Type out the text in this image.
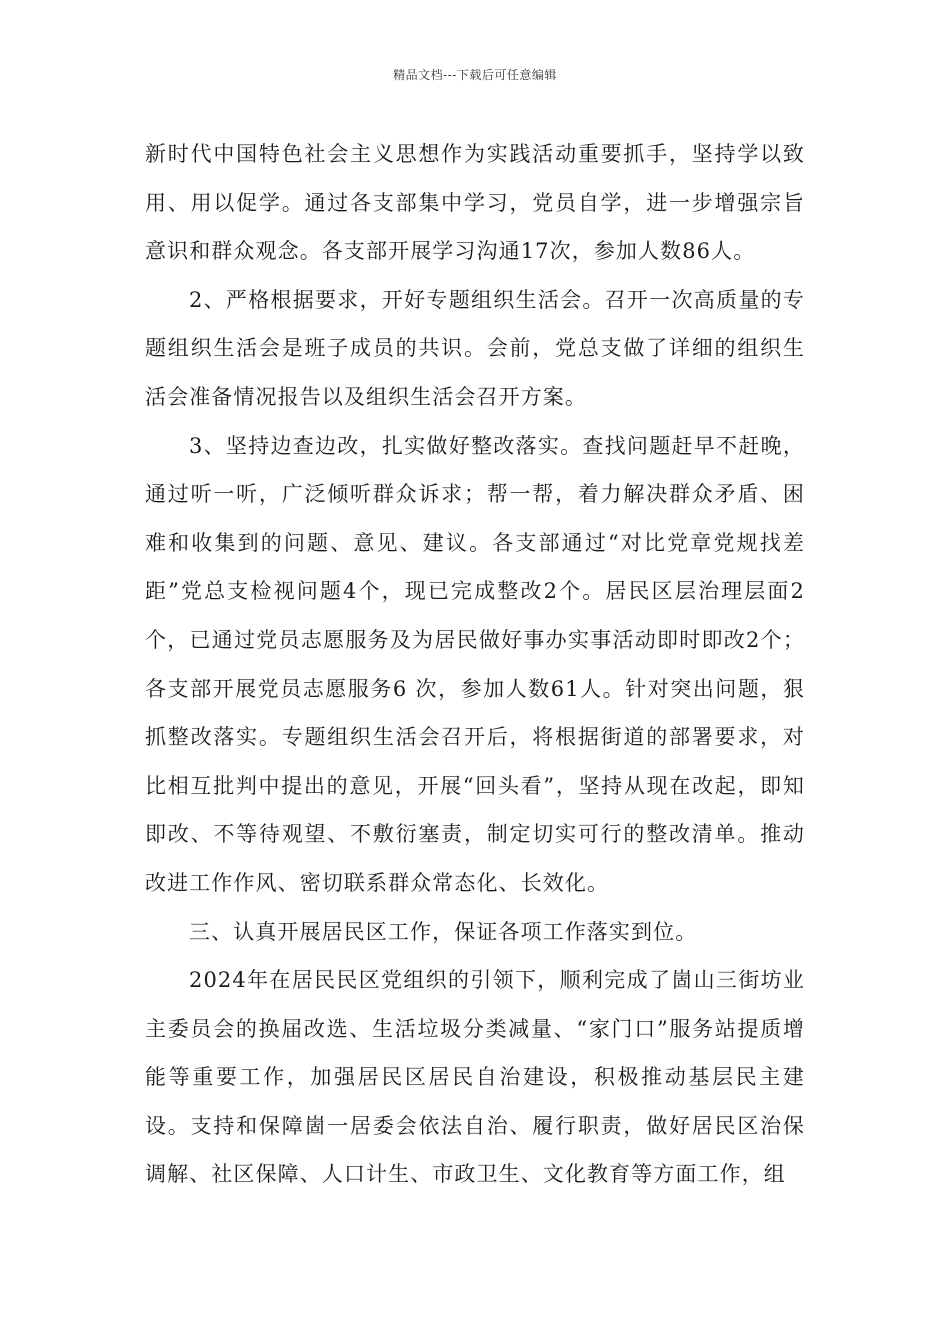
精品文档---下载后可任意编辑

新时代中国特色社会主义思想作为实践活动重要抓手，坚持学以致用、用以促学。通过各支部集中学习，党员自学，进一步增强宗旨意识和群众观念。各支部开展学习沟通17次，参加人数86人。

2、严格根据要求，开好专题组织生活会。召开一次高质量的专题组织生活会是班子成员的共识。会前，党总支做了详细的组织生活会准备情况报告以及组织生活会召开方案。

3、坚持边查边改，扎实做好整改落实。查找问题赶早不赶晚，通过听一听，广泛倾听群众诉求；帮一帮，着力解决群众矛盾、困难和收集到的问题、意见、建议。各支部通过“对比党章党规找差距”党总支检视问题4个，现已完成整改2个。居民区层治理层面2个，已通过党员志愿服务及为居民做好事办实事活动即时即改2个；各支部开展党员志愿服务6 次，参加人数61人。针对突出问题，狠抓整改落实。专题组织生活会召开后，将根据街道的部署要求，对比相互批判中提出的意见，开展“回头看”，坚持从现在改起，即知即改、不等待观望、不敷衍塞责，制定切实可行的整改清单。推动改进工作作风、密切联系群众常态化、长效化。

三、认真开展居民区工作，保证各项工作落实到位。

2024年在居民民区党组织的引领下，顺利完成了崮山三街坊业主委员会的换届改选、生活垃圾分类减量、“家门口”服务站提质增能等重要工作，加强居民区居民自治建设，积极推动基层民主建设。支持和保障崮一居委会依法自治、履行职责，做好居民区治保调解、社区保障、人口计生、市政卫生、文化教育等方面工作，组
